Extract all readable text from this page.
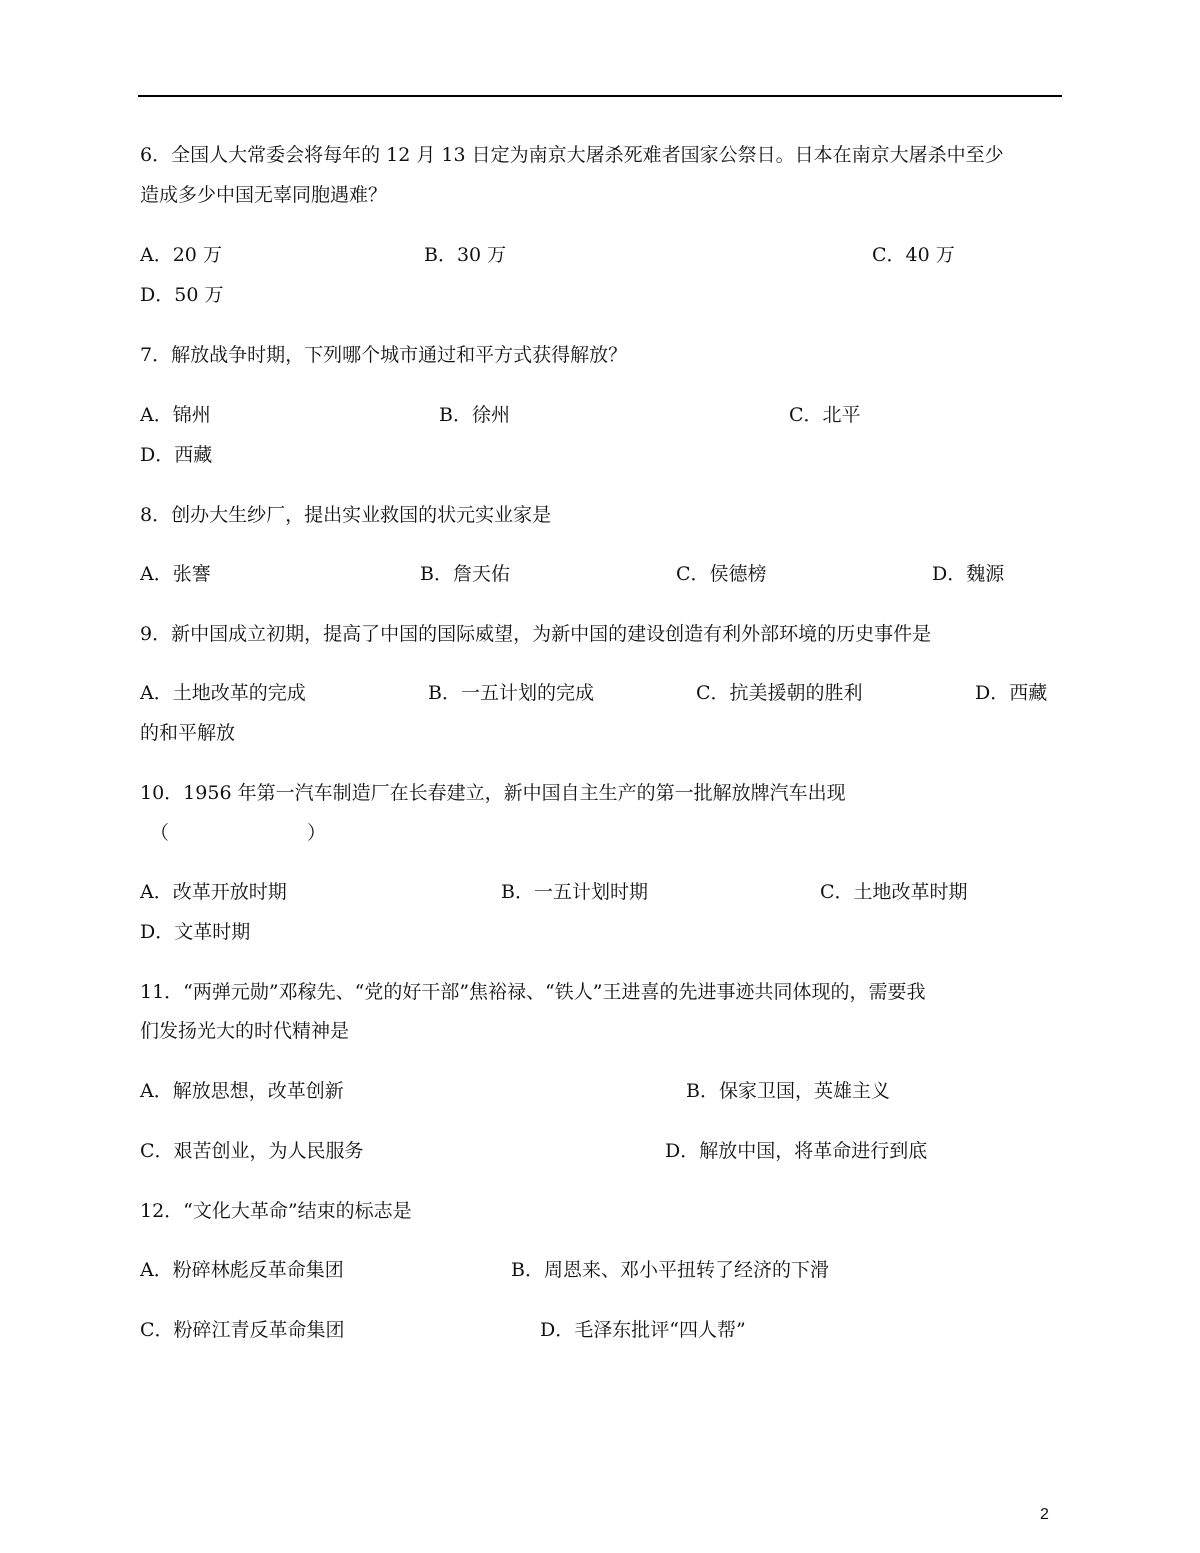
6．全国人大常委会将每年的 12 月 13 日定为南京大屠杀死难者国家公祭日。日本在南京大屠杀中至少
造成多少中国无辜同胞遇难？
A．20 万	B．30 万	C．40 万
D．50 万
7．解放战争时期，下列哪个城市通过和平方式获得解放？
A．锦州	B．徐州	C．北平
D．西藏
8．创办大生纱厂，提出实业救国的状元实业家是
A．张謇	B．詹天佑	C．侯德榜	D．魏源
9．新中国成立初期，提高了中国的国际威望，为新中国的建设创造有利外部环境的历史事件是
A．土地改革的完成	B．一五计划的完成	C．抗美援朝的胜利	D．西藏
的和平解放
10．1956 年第一汽车制造厂在长春建立，新中国自主生产的第一批解放牌汽车出现
（	）
A．改革开放时期	B．一五计划时期	C．土地改革时期
D．文革时期
11．“两弹元勋”邓稼先、“党的好干部”焦裕禄、“铁人”王进喜的先进事迹共同体现的，需要我
们发扬光大的时代精神是
A．解放思想，改革创新	B．保家卫国，英雄主义
C．艰苦创业，为人民服务	D．解放中国，将革命进行到底
12．“文化大革命”结束的标志是
A．粉碎林彪反革命集团	B．周恩来、邓小平扭转了经济的下滑
C．粉碎江青反革命集团	D．毛泽东批评“四人帮”
2
